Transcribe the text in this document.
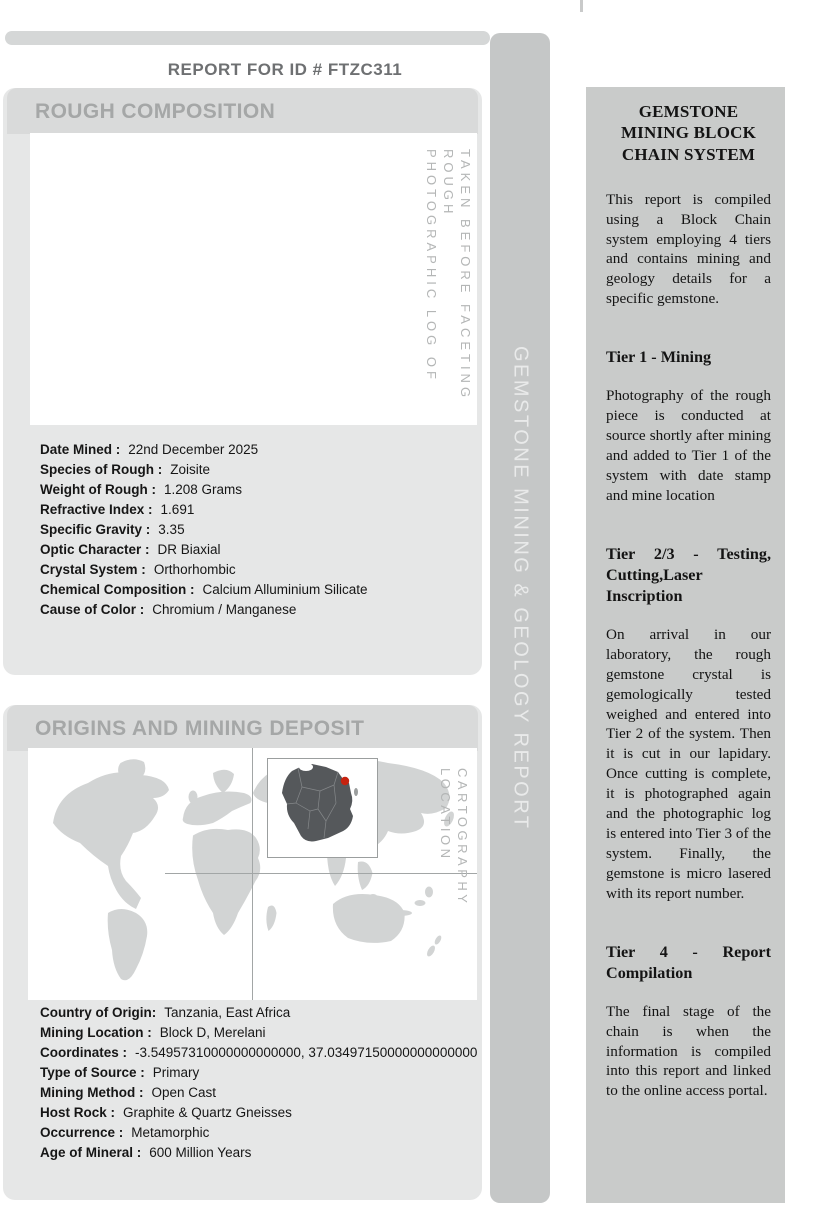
REPORT FOR ID # FTZC311
ROUGH COMPOSITION
PHOTOGRAPHIC LOG OF ROUGH TAKEN BEFORE FACETING
Date Mined : 22nd December 2025
Species of Rough : Zoisite
Weight of Rough : 1.208 Grams
Refractive Index : 1.691
Specific Gravity : 3.35
Optic Character : DR Biaxial
Crystal System : Orthorhombic
Chemical Composition : Calcium Alluminium Silicate
Cause of Color : Chromium / Manganese
ORIGINS AND MINING DEPOSIT
LOCATION CARTOGRAPHY
Country of Origin: Tanzania, East Africa
Mining Location : Block D, Merelani
Coordinates : -3.54957310000000000000, 37.03497150000000000000
Type of Source : Primary
Mining Method : Open Cast
Host Rock : Graphite & Quartz Gneisses
Occurrence : Metamorphic
Age of Mineral : 600 Million Years
GEMSTONE MINING & GEOLOGY REPORT
GEMSTONE MINING BLOCK CHAIN SYSTEM

This report is compiled using a Block Chain system employing 4 tiers and contains mining and geology details for a specific gemstone.

Tier 1 - Mining

Photography of the rough piece is conducted at source shortly after mining and added to Tier 1 of the system with date stamp and mine location

Tier 2/3 - Testing, Cutting,Laser Inscription

On arrival in our laboratory, the rough gemstone crystal is gemologically tested weighed and entered into Tier 2 of the system. Then it is cut in our lapidary. Once cutting is complete, it is photographed again and the photographic log is entered into Tier 3 of the system. Finally, the gemstone is micro lasered with its report number.

Tier 4 - Report Compilation

The final stage of the chain is when the information is compiled into this report and linked to the online access portal.
